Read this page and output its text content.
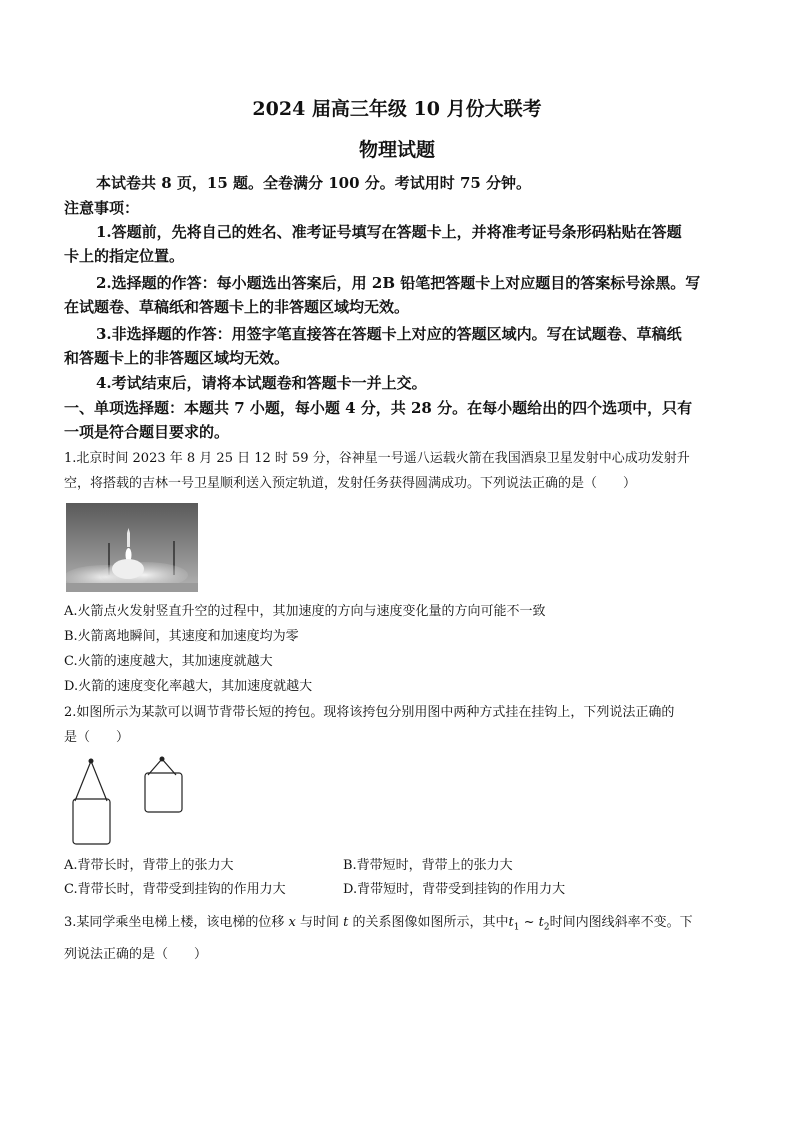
2024 届高三年级 10 月份大联考
物理试题
本试卷共 8 页，15 题。全卷满分 100 分。考试用时 75 分钟。
注意事项：
1.答题前，先将自己的姓名、准考证号填写在答题卡上，并将准考证号条形码粘贴在答题
卡上的指定位置。
2.选择题的作答：每小题选出答案后，用 2B 铅笔把答题卡上对应题目的答案标号涂黑。写
在试题卷、草稿纸和答题卡上的非答题区域均无效。
3.非选择题的作答：用签字笔直接答在答题卡上对应的答题区域内。写在试题卷、草稿纸
和答题卡上的非答题区域均无效。
4.考试结束后，请将本试题卷和答题卡一并上交。
一、单项选择题：本题共 7 小题，每小题 4 分，共 28 分。在每小题给出的四个选项中，只有
一项是符合题目要求的。
1.北京时间 2023 年 8 月 25 日 12 时 59 分，谷神星一号遥八运载火箭在我国酒泉卫星发射中心成功发射升
空，将搭载的吉林一号卫星顺利送入预定轨道，发射任务获得圆满成功。下列说法正确的是（　　）
A.火箭点火发射竖直升空的过程中，其加速度的方向与速度变化量的方向可能不一致
B.火箭离地瞬间，其速度和加速度均为零
C.火箭的速度越大，其加速度就越大
D.火箭的速度变化率越大，其加速度就越大
2.如图所示为某款可以调节背带长短的挎包。现将该挎包分别用图中两种方式挂在挂钩上，下列说法正确的
是（　　）
A.背带长时，背带上的张力大	B.背带短时，背带上的张力大
C.背带长时，背带受到挂钩的作用力大	D.背带短时，背带受到挂钩的作用力大
3.某同学乘坐电梯上楼，该电梯的位移 x 与时间 t 的关系图像如图所示，其中$t_1$ ~ $t_2$时间内图线斜率不变。下
列说法正确的是（　　）
